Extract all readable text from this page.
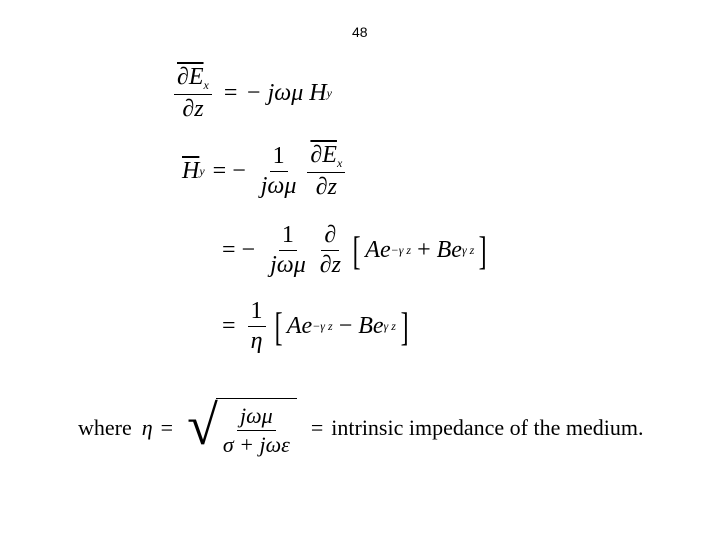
48
$\frac{\partial E_x}{\partial z}$ = − jωμ H y
$\overline{H}$ y = − $\frac{1}{\text{jωμ}} \frac{\partial E_x}{\partial z}$
= − $\frac{1}{\text{jωμ}} \frac{\partial}{\partial z}$ [ Ae −γ z + Be γ z ]
= $\frac{1}{\eta}$ [ Ae −γ z − Be γ z ]
where η = √ $\frac{\text{jωμ}}{\text{σ + jωε}}$ = intrinsic impedance of the medium.
